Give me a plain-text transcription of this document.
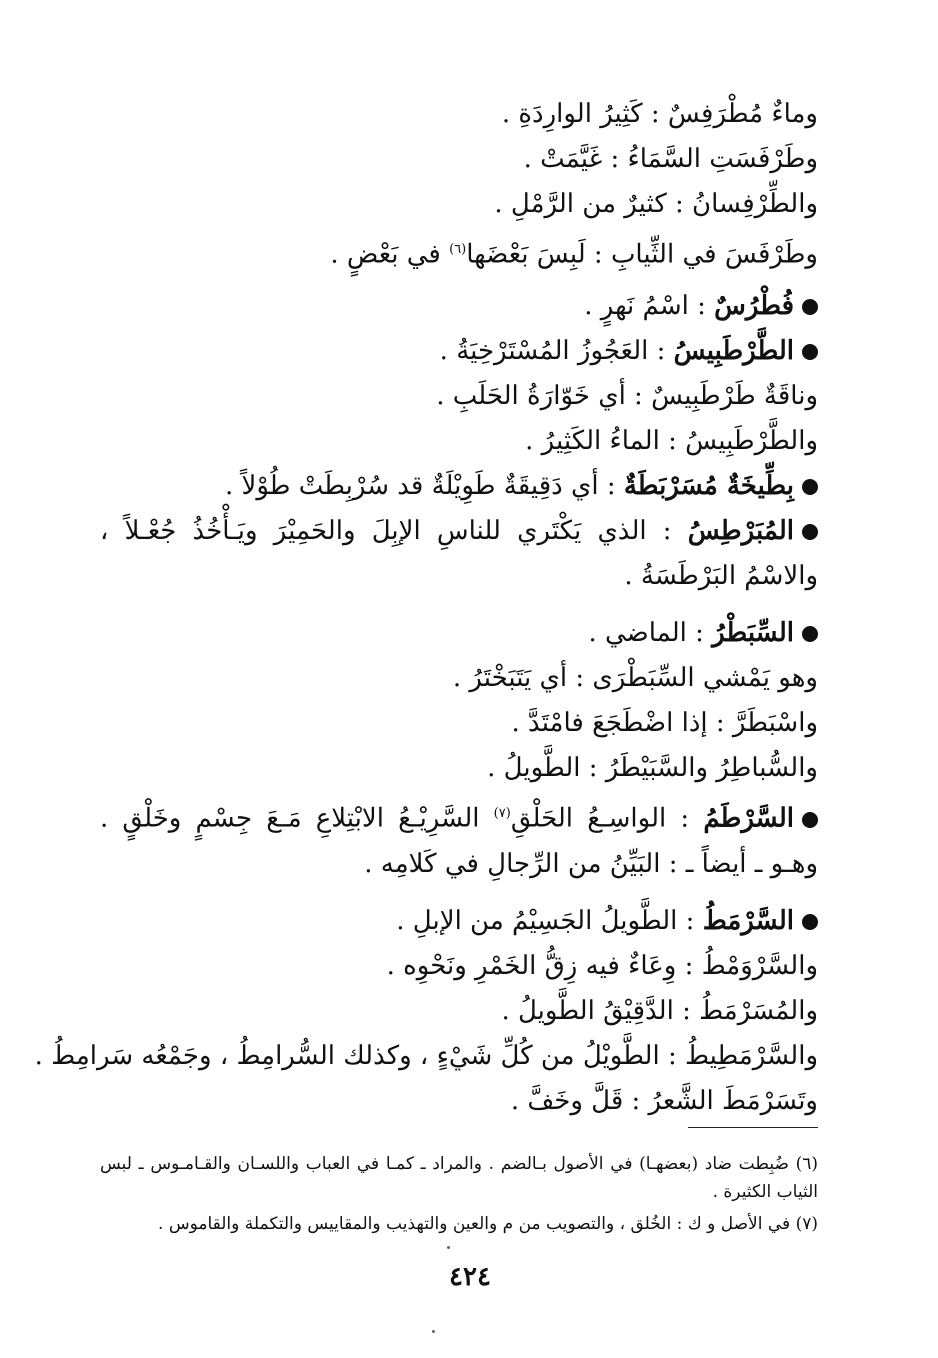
وماءٌ مُطْرَفِسٌ : كَثِيرُ الوارِدَةِ .
وطَرْفَسَتِ السَّمَاءُ : غَيَّمَتْ .
والطِّرْفِسانُ : كثيرٌ من الرَّمْلِ .
وطَرْفَسَ في الثِّيابِ : لَبِسَ بَعْضَها$^{(٦)}$ في بَعْضٍ .
فُطْرُسٌ : اسْمُ نَهرٍ .
الطَّرْطَبِيسُ : العَجُوزُ المُسْتَرْخِيَةُ .
وناقَةٌ طَرْطَبِيسٌ : أي خَوّارَةُ الحَلَبِ .
والطَّرْطَبِيسُ : الماءُ الكَثِيرُ .
بِطِّيخَةٌ مُسَرْبَطَةٌ : أي دَقِيقَةٌ طَوِيْلَةٌ قد سُرْبِطَتْ طُوْلاً .
المُبَرْطِسُ : الذي يَكْتَري للناسِ الإبِلَ والحَمِيْرَ ويَـأْخُذُ جُعْـلاً ، والاسْمُ البَرْطَسَةُ .
السِّبَطْرُ : الماضي .
وهو يَمْشي السِّبَطْرَى : أي يَتَبَخْتَرُ .
واسْبَطَرَّ : إذا اضْطَجَعَ فامْتَدَّ .
والسُّباطِرُ والسَّبَيْطَرُ : الطَّويلُ .
السَّرْطَمُ : الواسِـعُ الحَلْقِ$^{(٧)}$ السَّرِيْـعُ الابْتِلاعِ مَـعَ جِسْمٍ وخَلْقٍ . وهـو ـ أيضاً ـ : البَيِّنُ من الرِّجالِ في كَلامِه .
السَّرْمَطُ : الطَّويلُ الجَسِيْمُ من الإبلِ .
والسَّرْوَمْطُ : وِعَاءٌ فيه زِقُّ الخَمْرِ ونَحْوِه .
والمُسَرْمَطُ : الدَّقِيْقُ الطَّويلُ .
والسَّرْمَطِيطُ : الطَّويْلُ من كُلِّ شَيْءٍ ، وكذلك السُّرامِطُ ، وجَمْعُه سَرامِطُ .
وتَسَرْمَطَ الشَّعرُ : قَلَّ وخَفَّ .
(٦) ضُبِطت ضاد (بعضهـا) في الأصول بـالضم . والمراد ـ كمـا في العباب واللسـان والقـامـوس ـ لبس الثياب الكثيرة .
(٧) في الأصل و ك : الخُلق ، والتصويب من م والعين والتهذيب والمقاييس والتكملة والقاموس .
٤٢٤
